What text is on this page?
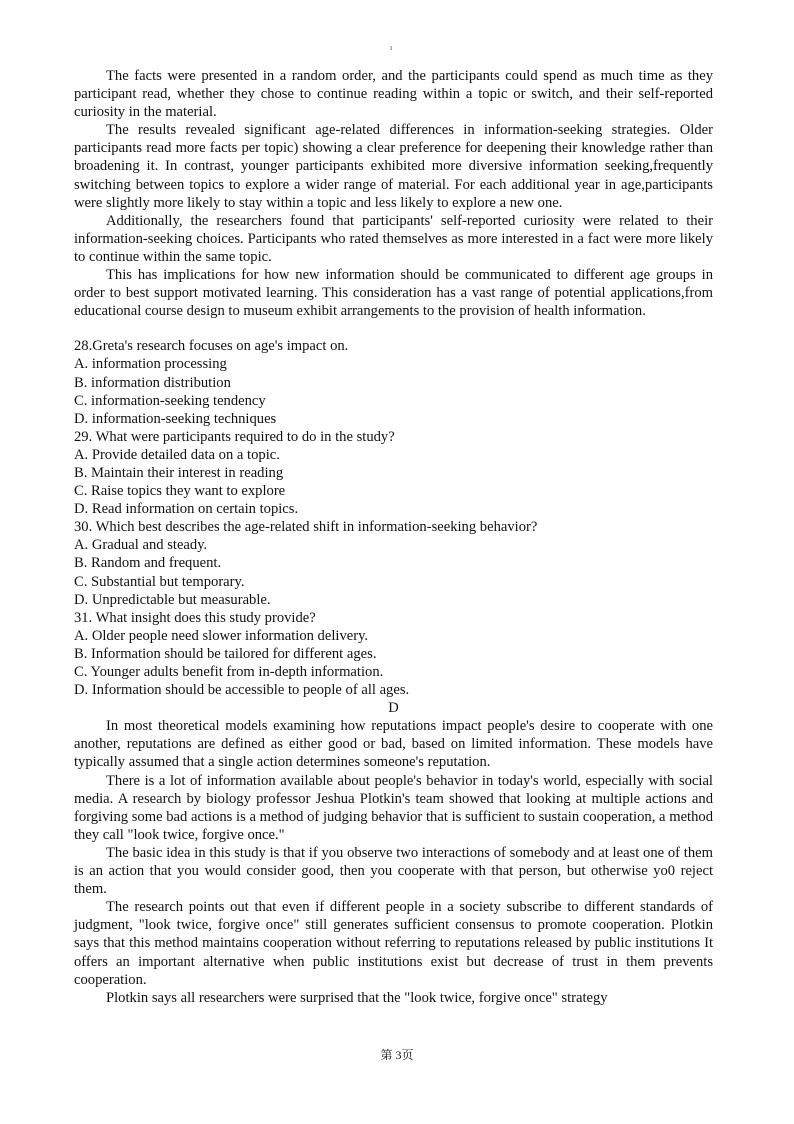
ı

The facts were presented in a random order, and the participants could spend as much time as they participant read, whether they chose to continue reading within a topic or switch, and their self-reported curiosity in the material.

The results revealed significant age-related differences in information-seeking strategies. Older participants read more facts per topic) showing a clear preference for deepening their knowledge rather than broadening it. In contrast, younger participants exhibited more diversive information seeking,frequently switching between topics to explore a wider range of material. For each additional year in age,participants were slightly more likely to stay within a topic and less likely to explore a new one.

Additionally, the researchers found that participants' self-reported curiosity were related to their information-seeking choices. Participants who rated themselves as more interested in a fact were more likely to continue within the same topic.

This has implications for how new information should be communicated to different age groups in order to best support motivated learning. This consideration has a vast range of potential applications,from educational course design to museum exhibit arrangements to the provision of health information.

28.Greta's research focuses on age's impact on.

A. information processing

B. information distribution

C. information-seeking tendency

D. information-seeking techniques

29. What were participants required to do in the study?

A. Provide detailed data on a topic.

B. Maintain their interest in reading

C. Raise topics they want to explore

D. Read information on certain topics.

30. Which best describes the age-related shift in information-seeking behavior?

A. Gradual and steady.

B. Random and frequent.

C. Substantial but temporary.

D. Unpredictable but measurable.

31. What insight does this study provide?

A. Older people need slower information delivery.

B. Information should be tailored for different ages.

C. Younger adults benefit from in-depth information.

D. Information should be accessible to people of all ages.

D

In most theoretical models examining how reputations impact people's desire to cooperate with one another, reputations are defined as either good or bad, based on limited information. These models have typically assumed that a single action determines someone's reputation.

There is a lot of information available about people's behavior in today's world, especially with social media. A research by biology professor Jeshua Plotkin's team showed that looking at multiple actions and forgiving some bad actions is a method of judging behavior that is sufficient to sustain cooperation, a method they call "look twice, forgive once."

The basic idea in this study is that if you observe two interactions of somebody and at least one of them is an action that you would consider good, then you cooperate with that person, but otherwise yo0 reject them.

The research points out that even if different people in a society subscribe to different standards of judgment, "look twice, forgive once" still generates sufficient consensus to promote cooperation. Plotkin says that this method maintains cooperation without referring to reputations released by public institutions It offers an important alternative when public institutions exist but decrease of trust in them prevents cooperation.

Plotkin says all researchers were surprised that the "look twice, forgive once" strategy

第 3页
